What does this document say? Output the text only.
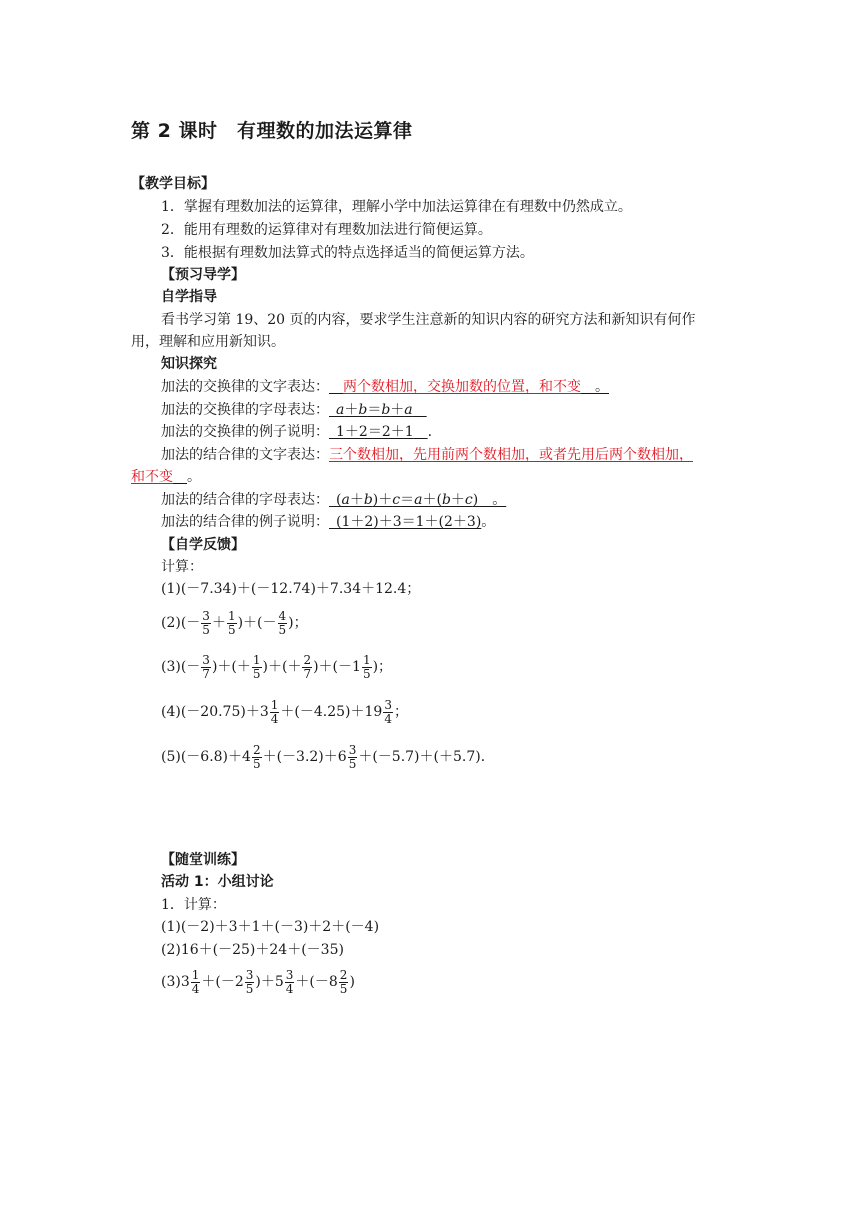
第 2 课时　有理数的加法运算律
【教学目标】
1．掌握有理数加法的运算律，理解小学中加法运算律在有理数中仍然成立。
2．能用有理数的运算律对有理数加法进行简便运算。
3．能根据有理数加法算式的特点选择适当的简便运算方法。
【预习导学】
自学指导
看书学习第 19、20 页的内容，要求学生注意新的知识内容的研究方法和新知识有何作
用，理解和应用新知识。
知识探究
加法的交换律的文字表达：  两个数相加，交换加数的位置，和不变  。
加法的交换律的字母表达：  a＋b＝b＋a 
加法的交换律的例子说明：  1＋2＝2＋1  .
加法的结合律的文字表达：三个数相加，先用前两个数相加，或者先用后两个数相加，
和不变  。
加法的结合律的字母表达： (a＋b)＋c＝a＋(b＋c) 。
加法的结合律的例子说明：  (1＋2)＋3＝1＋(2＋3)。
【自学反馈】
计算：
(1)(－7.34)＋(－12.74)＋7.34＋12.4；
$(2)(- \frac{3}{5} + \frac{1}{5}$ )＋(－ $\frac{4}{5}$ )；
$(3)(- \frac{3}{7}$ )＋(＋ $\frac{1}{5}$ )＋(＋ $\frac{2}{7} )+(-1 \frac{1}{5}$ )；
$(4)(-20.75)+3 \frac{1}{4} +(-4.25)+19 \frac{3}{4}$ ；
$(5)(-6.8)+4 \frac{2}{5} +(-3.2)+6 \frac{3}{5} +(-5.7)+(+5.7)$．
【随堂训练】
活动 1：小组讨论
1．计算：
(1)(－2)＋3＋1＋(－3)＋2＋(－4)
(2)16＋(－25)＋24＋(－35)
$(3)3 \frac{1}{4} +(-2 \frac{3}{5} )+5 \frac{3}{4} +(-8 \frac{2}{5}$ )
